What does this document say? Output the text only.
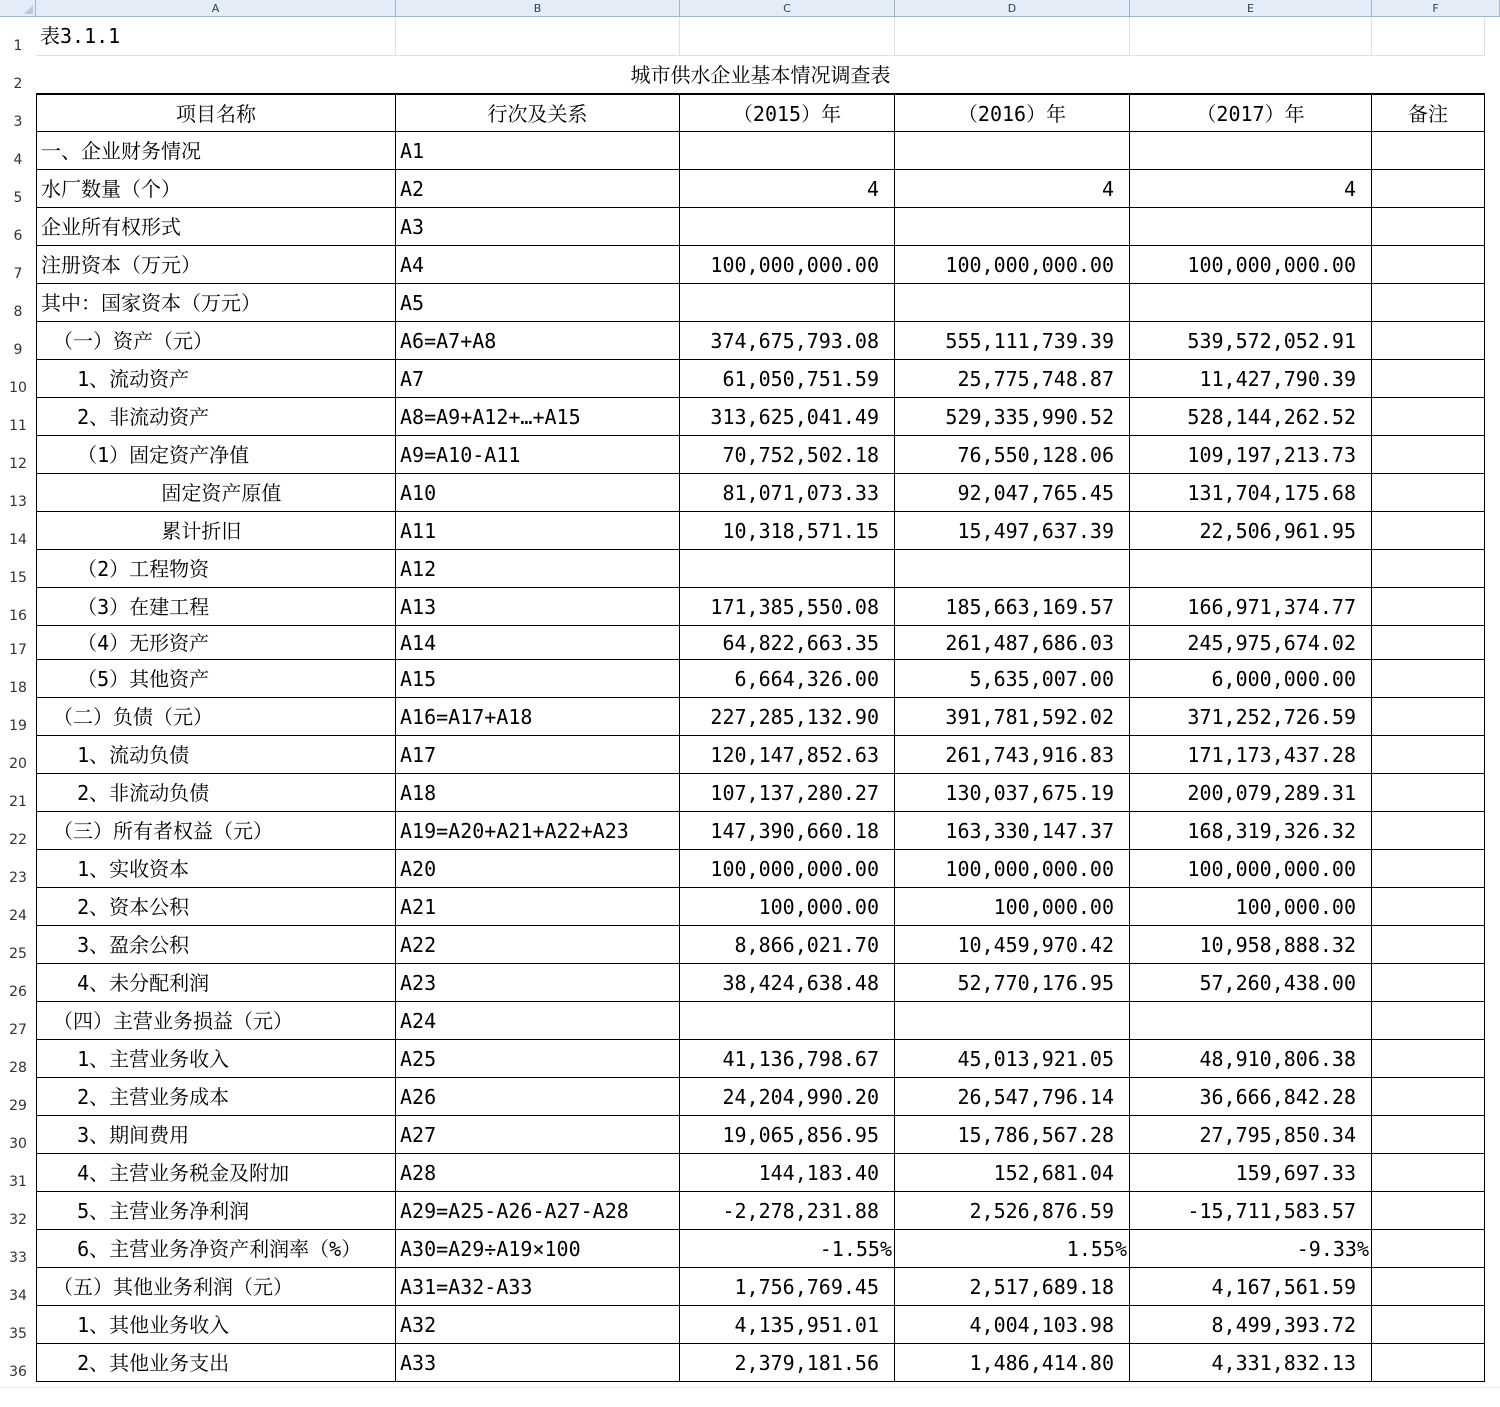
A	B	C	D	E	F
1
2
3
4
5
6
7
8
9
10
11
12
13
14
15
16
17
18
19
20
21
22
23
24
25
26
27
28
29
30
31
32
33
34
35
36
表3.1.1
城市供水企业基本情况调查表
项目名称	行次及关系	（2015）年	（2016）年	（2017）年	备注
一、企业财务情况	A1
水厂数量（个）	A2	4	4	4
企业所有权形式	A3
注册资本（万元）	A4	100,000,000.00	100,000,000.00	100,000,000.00
其中：国家资本（万元）	A5
（一）资产（元）	A6=A7+A8	374,675,793.08	555,111,739.39	539,572,052.91
1、流动资产	A7	61,050,751.59	25,775,748.87	11,427,790.39
2、非流动资产	A8=A9+A12+…+A15	313,625,041.49	529,335,990.52	528,144,262.52
（1）固定资产净值	A9=A10-A11	70,752,502.18	76,550,128.06	109,197,213.73
固定资产原值	A10	81,071,073.33	92,047,765.45	131,704,175.68
累计折旧	A11	10,318,571.15	15,497,637.39	22,506,961.95
（2）工程物资	A12
（3）在建工程	A13	171,385,550.08	185,663,169.57	166,971,374.77
（4）无形资产	A14	64,822,663.35	261,487,686.03	245,975,674.02
（5）其他资产	A15	6,664,326.00	5,635,007.00	6,000,000.00
（二）负债（元）	A16=A17+A18	227,285,132.90	391,781,592.02	371,252,726.59
1、流动负债	A17	120,147,852.63	261,743,916.83	171,173,437.28
2、非流动负债	A18	107,137,280.27	130,037,675.19	200,079,289.31
（三）所有者权益（元）	A19=A20+A21+A22+A23	147,390,660.18	163,330,147.37	168,319,326.32
1、实收资本	A20	100,000,000.00	100,000,000.00	100,000,000.00
2、资本公积	A21	100,000.00	100,000.00	100,000.00
3、盈余公积	A22	8,866,021.70	10,459,970.42	10,958,888.32
4、未分配利润	A23	38,424,638.48	52,770,176.95	57,260,438.00
（四）主营业务损益（元）	A24
1、主营业务收入	A25	41,136,798.67	45,013,921.05	48,910,806.38
2、主营业务成本	A26	24,204,990.20	26,547,796.14	36,666,842.28
3、期间费用	A27	19,065,856.95	15,786,567.28	27,795,850.34
4、主营业务税金及附加	A28	144,183.40	152,681.04	159,697.33
5、主营业务净利润	A29=A25-A26-A27-A28	-2,278,231.88	2,526,876.59	-15,711,583.57
6、主营业务净资产利润率（%）	A30=A29÷A19×100	-1.55%	1.55%	-9.33%
（五）其他业务利润（元）	A31=A32-A33	1,756,769.45	2,517,689.18	4,167,561.59
1、其他业务收入	A32	4,135,951.01	4,004,103.98	8,499,393.72
2、其他业务支出	A33	2,379,181.56	1,486,414.80	4,331,832.13
